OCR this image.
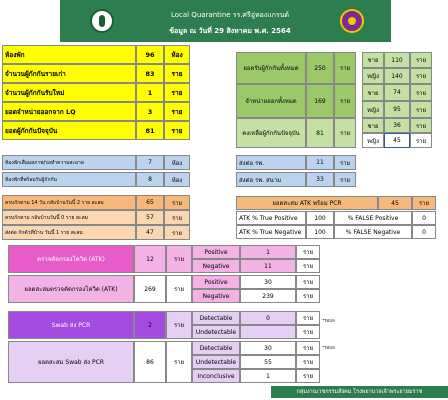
Local Quarantine รร.ศรีอู่ทองแกรนด์
ข้อมูล ณ วันที่ 29 สิงหาคม พ.ศ. 2564
ห้องพัก	96	ห้อง
จำนวนผู้กักกันรายเก่า	83	ราย
จำนวนผู้กักกันรับใหม่	1	ราย
ยอดจำหน่ายออกจาก LQ	3	ราย
ยอดผู้กักกันปัจจุบัน	81	ราย
ยอดรับผู้กักกันทั้งหมด	250	ราย
ชาย	110	ราย
หญิง	140	ราย
จำหน่ายออกทั้งหมด	169	ราย
ชาย	74	ราย
หญิง	95	ราย
คงเหลือผู้กักกันปัจจุบัน	81	ราย
ชาย	36	ราย
หญิง	45	ราย
ห้องพักเสื่อมสภาพ/รอทำความสะอาด	7	ห้อง
ห้องพักที่พร้อมรับผู้กักกัน	8	ห้อง
ส่งต่อ รพ.	11	ราย
ส่งต่อ รพ. สนาม	33	ราย
ครบกักตาม 14 วัน กลับบ้านวันนี้ 2 ราย สะสม	65	ราย
ครบกักตาม กลับบ้านวันนี้ 0 ราย สะสม	57	ราย
ส่งต่อ กักตัวที่บ้าน วันนี้ 1 ราย สะสม	47	ราย
ยอดสะสม ATK พร้อม PCR	45	ราย
ATK % True Positive	100	% FALSE Positive	0
ATK % True Negative	100	% FALSE Negative	0
ตรวจคัดกรองโควิด (ATK)	12	ราย
Positive	1	ราย
Negative	11	ราย
ยอดสะสมตรวจคัดกรองโควิด (ATK)	269	ราย
Positive	30	ราย
Negative	239	ราย
Swab ส่ง PCR	2	ราย
Detectable	0	ราย
Undetectable	ราย
*รอผล
ยอดสะสม Swab ส่ง PCR	86	ราย
Detectable	30	ราย
Undetectable	55	ราย
Inconclusive	1	ราย
*รอผล
กลุ่มงานเวชกรรมสังคม โรงพยาบาลเจ้าพระยายมราช
